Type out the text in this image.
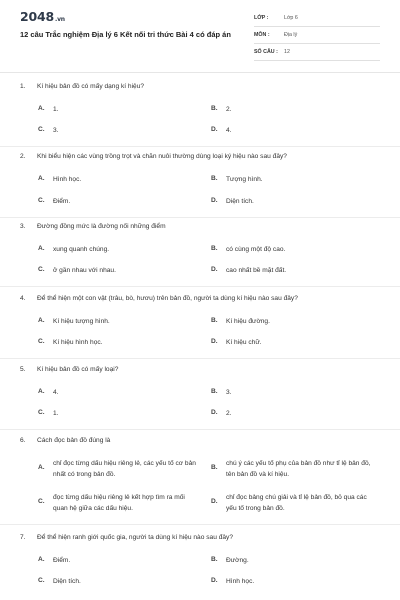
2048.vn
12 câu Trắc nghiệm Địa lý 6 Kết nối tri thức Bài 4 có đáp án
LỚP :	Lớp 6
MÔN :	Địa lý
SỐ CÂU : 12
1.	Kí hiệu bản đồ có mấy dạng kí hiệu?
A. 1.	B. 2.
C. 3.	D. 4.
2.	Khi biểu hiện các vùng trồng trọt và chăn nuôi thường dùng loại ký hiệu nào sau đây?
A. Hình học.	B. Tượng hình.
C. Điểm.	D. Diện tích.
3.	Đường đồng mức là đường nối những điểm
A. xung quanh chúng.	B. có cùng một độ cao.
C. ở gần nhau với nhau.	D. cao nhất bề mặt đất.
4.	Để thể hiện một con vật (trâu, bò, hươu) trên bản đồ, người ta dùng kí hiệu nào sau đây?
A. Kí hiệu tượng hình.	B. Kí hiệu đường.
C. Kí hiệu hình học.	D. Kí hiệu chữ.
5.	Kí hiệu bản đồ có mấy loại?
A. 4.	B. 3.
C. 1.	D. 2.
6.	Cách đọc bản đồ đúng là
A.
chỉ đọc từng dấu hiệu riêng lẻ, các yếu tố cơ bản nhất có trong bản đồ.
B.
chú ý các yếu tố phụ của bản đồ như tỉ lệ bản đồ, tên bản đồ và kí hiệu.
C.
đọc từng dấu hiệu riêng lẻ kết hợp tìm ra mối quan hệ giữa các dấu hiệu.
D.
chỉ đọc bảng chú giải và tỉ lệ bản đồ, bỏ qua các yếu tố trong bản đồ.
7.	Để thể hiện ranh giới quốc gia, người ta dùng kí hiệu nào sau đây?
A. Điểm.	B. Đường.
C. Diện tích.	D. Hình học.
